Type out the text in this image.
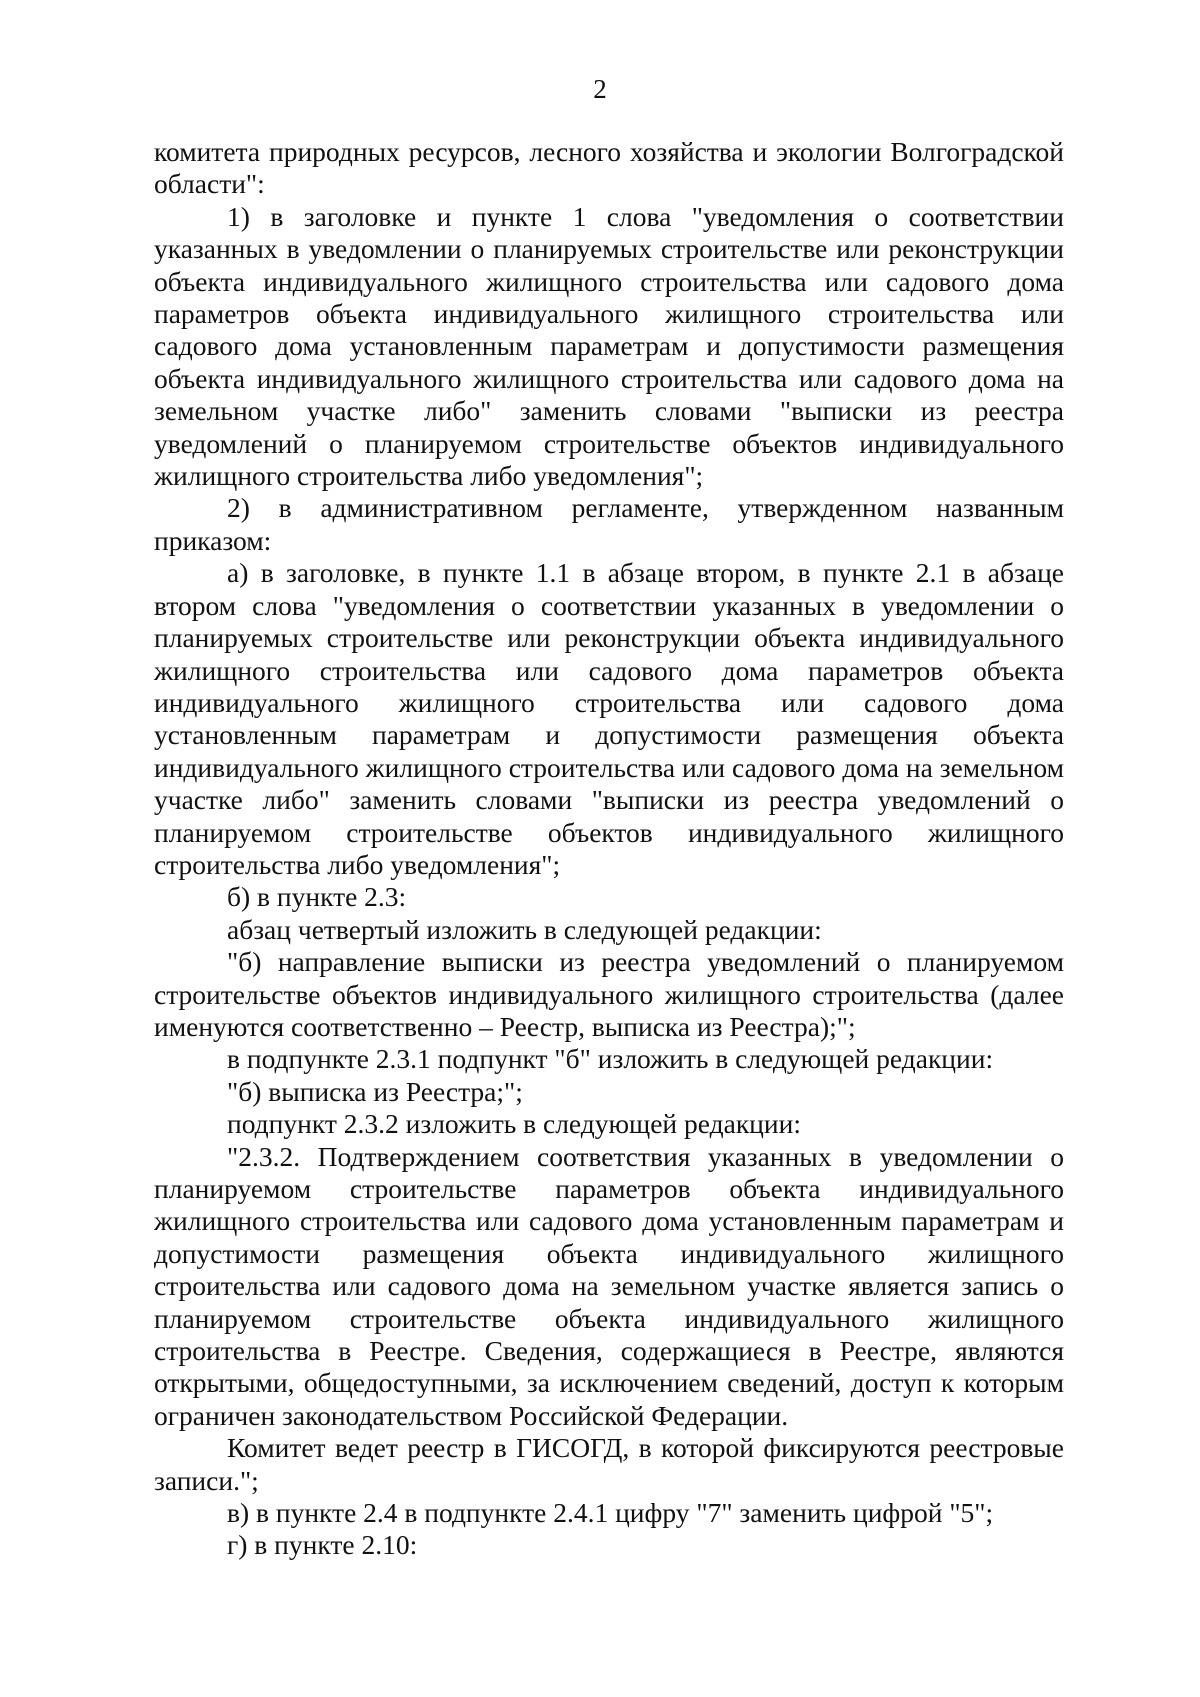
2

комитета природных ресурсов, лесного хозяйства и экологии Волгоградской области":

1) в заголовке и пункте 1 слова "уведомления о соответствии указанных в уведомлении о планируемых строительстве или реконструкции объекта индивидуального жилищного строительства или садового дома параметров объекта индивидуального жилищного строительства или садового дома установленным параметрам и допустимости размещения объекта индивидуального жилищного строительства или садового дома на земельном участке либо" заменить словами "выписки из реестра уведомлений о планируемом строительстве объектов индивидуального жилищного строительства либо уведомления";

2) в административном регламенте, утвержденном названным приказом:

а) в заголовке, в пункте 1.1 в абзаце втором, в пункте 2.1 в абзаце втором слова "уведомления о соответствии указанных в уведомлении о планируемых строительстве или реконструкции объекта индивидуального жилищного строительства или садового дома параметров объекта индивидуального жилищного строительства или садового дома установленным параметрам и допустимости размещения объекта индивидуального жилищного строительства или садового дома на земельном участке либо" заменить словами "выписки из реестра уведомлений о планируемом строительстве объектов индивидуального жилищного строительства либо уведомления";

б) в пункте 2.3:

абзац четвертый изложить в следующей редакции:

"б) направление выписки из реестра уведомлений о планируемом строительстве объектов индивидуального жилищного строительства (далее именуются соответственно – Реестр, выписка из Реестра);";

в подпункте 2.3.1 подпункт "б" изложить в следующей редакции:

"б) выписка из Реестра;";

подпункт 2.3.2 изложить в следующей редакции:

"2.3.2. Подтверждением соответствия указанных в уведомлении о планируемом строительстве параметров объекта индивидуального жилищного строительства или садового дома установленным параметрам и допустимости размещения объекта индивидуального жилищного строительства или садового дома на земельном участке является запись о планируемом строительстве объекта индивидуального жилищного строительства в Реестре. Сведения, содержащиеся в Реестре, являются открытыми, общедоступными, за исключением сведений, доступ к которым ограничен законодательством Российской Федерации.

Комитет ведет реестр в ГИСОГД, в которой фиксируются реестровые записи.";

в) в пункте 2.4 в подпункте 2.4.1 цифру "7" заменить цифрой "5";

г) в пункте 2.10:
